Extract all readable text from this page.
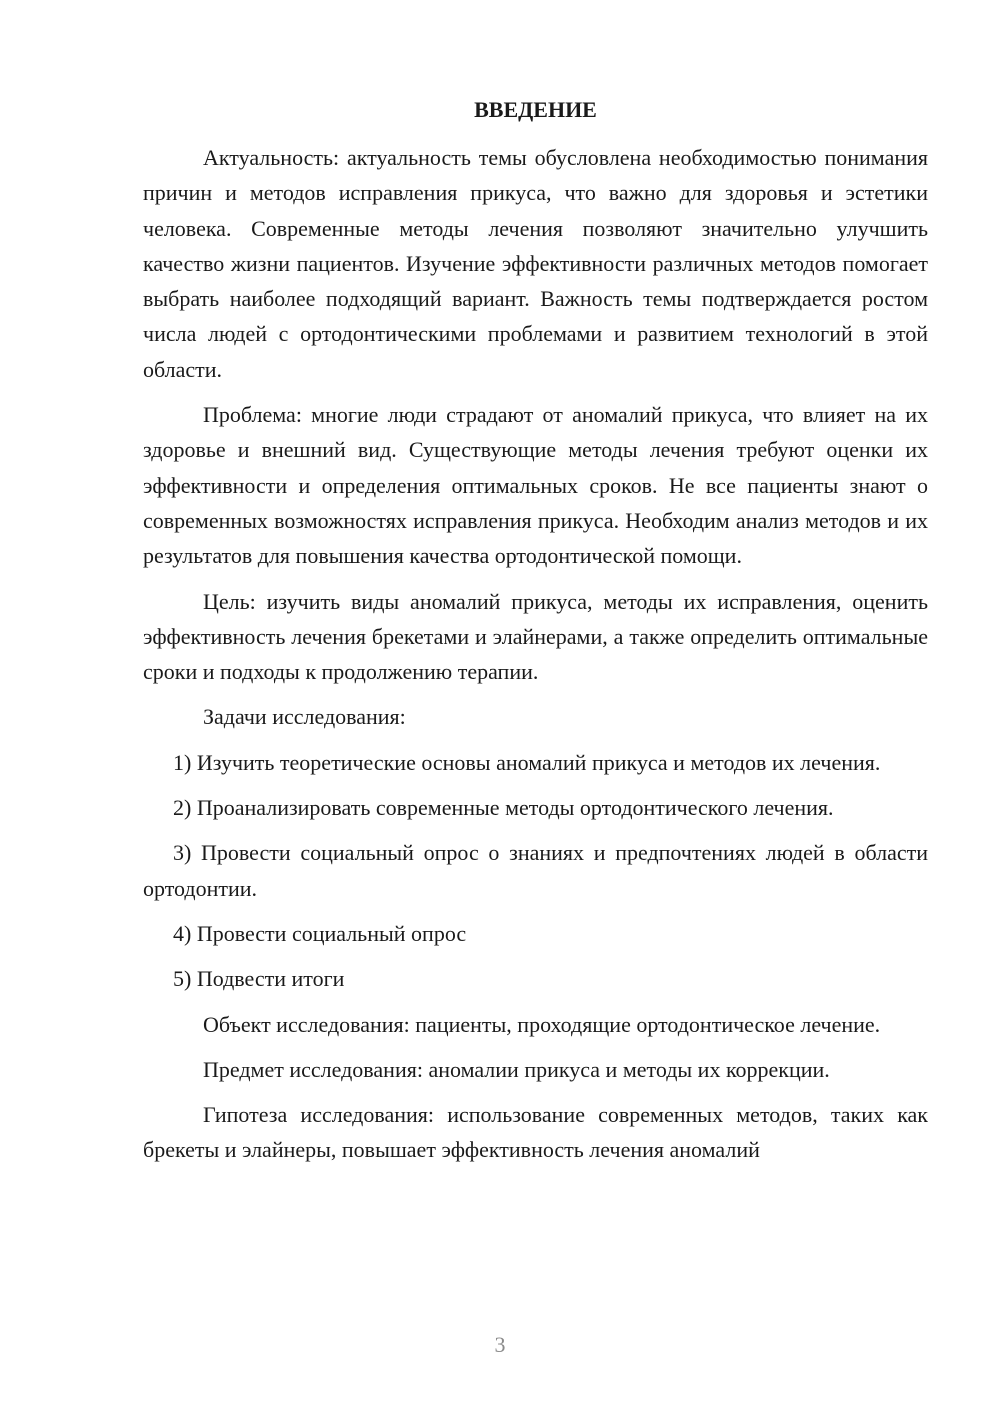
ВВЕДЕНИЕ

Актуальность: актуальность темы обусловлена необходимостью понимания причин и методов исправления прикуса, что важно для здоровья и эстетики человека. Современные методы лечения позволяют значительно улучшить качество жизни пациентов. Изучение эффективности различных методов помогает выбрать наиболее подходящий вариант. Важность темы подтверждается ростом числа людей с ортодонтическими проблемами и развитием технологий в этой области.

Проблема: многие люди страдают от аномалий прикуса, что влияет на их здоровье и внешний вид. Существующие методы лечения требуют оценки их эффективности и определения оптимальных сроков. Не все пациенты знают о современных возможностях исправления прикуса. Необходим анализ методов и их результатов для повышения качества ортодонтической помощи.

Цель: изучить виды аномалий прикуса, методы их исправления, оценить эффективность лечения брекетами и элайнерами, а также определить оптимальные сроки и подходы к продолжению терапии.

Задачи исследования:

1) Изучить теоретические основы аномалий прикуса и методов их лечения.

2) Проанализировать современные методы ортодонтического лечения.

3) Провести социальный опрос о знаниях и предпочтениях людей в области ортодонтии.

4) Провести социальный опрос

5) Подвести итоги

Объект исследования: пациенты, проходящие ортодонтическое лечение.

Предмет исследования: аномалии прикуса и методы их коррекции.

Гипотеза исследования: использование современных методов, таких как брекеты и элайнеры, повышает эффективность лечения аномалий

3
